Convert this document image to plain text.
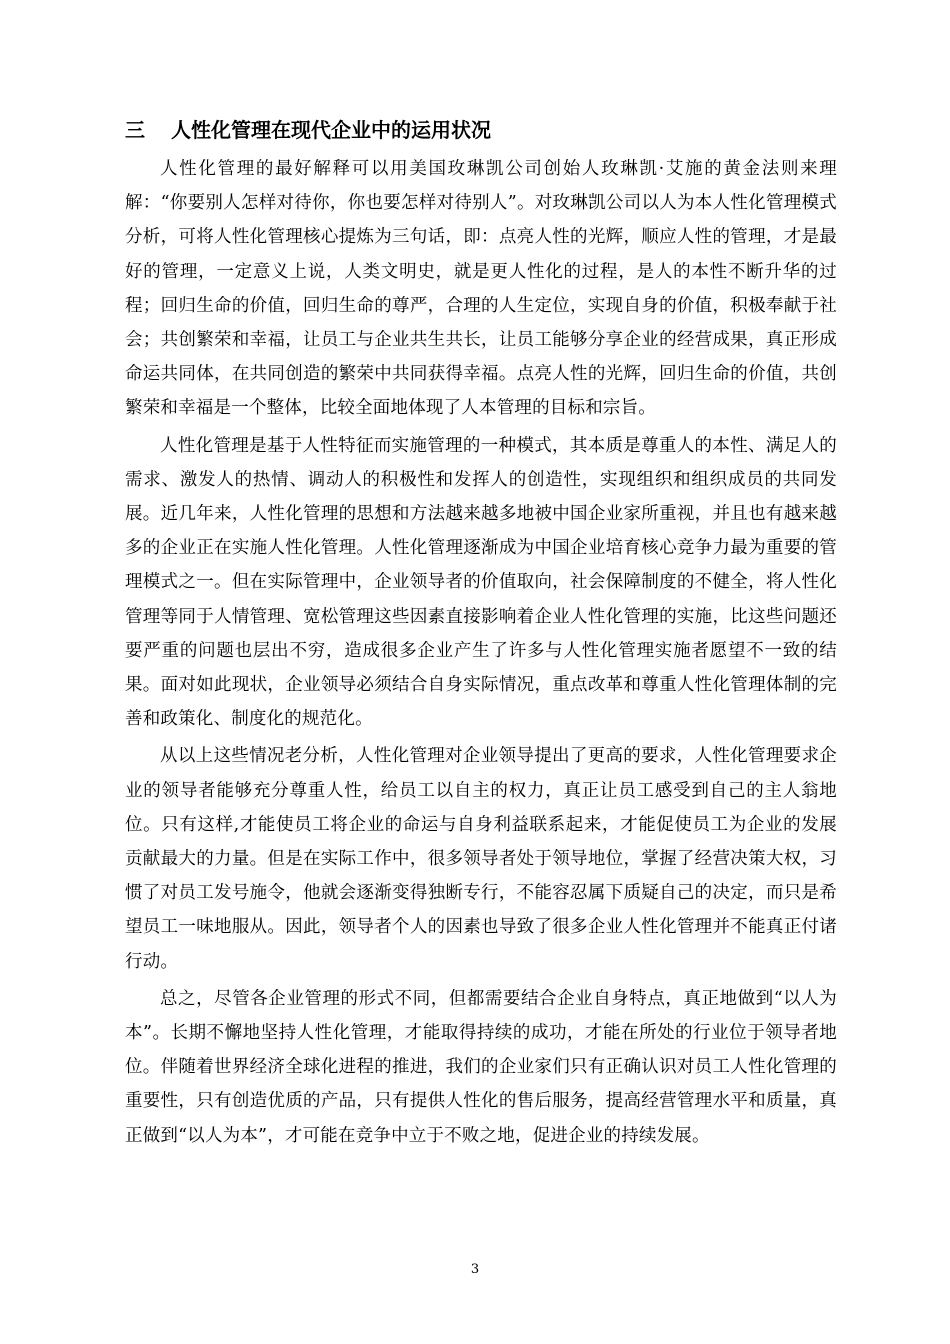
三 人性化管理在现代企业中的运用状况

人性化管理的最好解释可以用美国玫琳凯公司创始人玫琳凯·艾施的黄金法则来理解：“你要别人怎样对待你，你也要怎样对待别人”。对玫琳凯公司以人为本人性化管理模式分析，可将人性化管理核心提炼为三句话，即：点亮人性的光辉，顺应人性的管理，才是最好的管理，一定意义上说，人类文明史，就是更人性化的过程，是人的本性不断升华的过程；回归生命的价值，回归生命的尊严，合理的人生定位，实现自身的价值，积极奉献于社会；共创繁荣和幸福，让员工与企业共生共长，让员工能够分享企业的经营成果，真正形成命运共同体，在共同创造的繁荣中共同获得幸福。点亮人性的光辉，回归生命的价值，共创繁荣和幸福是一个整体，比较全面地体现了人本管理的目标和宗旨。

人性化管理是基于人性特征而实施管理的一种模式，其本质是尊重人的本性、满足人的需求、激发人的热情、调动人的积极性和发挥人的创造性，实现组织和组织成员的共同发展。近几年来，人性化管理的思想和方法越来越多地被中国企业家所重视，并且也有越来越多的企业正在实施人性化管理。人性化管理逐渐成为中国企业培育核心竞争力最为重要的管理模式之一。但在实际管理中，企业领导者的价值取向，社会保障制度的不健全，将人性化管理等同于人情管理、宽松管理这些因素直接影响着企业人性化管理的实施，比这些问题还要严重的问题也层出不穷，造成很多企业产生了许多与人性化管理实施者愿望不一致的结果。面对如此现状，企业领导必须结合自身实际情况，重点改革和尊重人性化管理体制的完善和政策化、制度化的规范化。

从以上这些情况老分析，人性化管理对企业领导提出了更高的要求，人性化管理要求企业的领导者能够充分尊重人性，给员工以自主的权力，真正让员工感受到自己的主人翁地位。只有这样,才能使员工将企业的命运与自身利益联系起来，才能促使员工为企业的发展贡献最大的力量。但是在实际工作中，很多领导者处于领导地位，掌握了经营决策大权，习惯了对员工发号施令，他就会逐渐变得独断专行，不能容忍属下质疑自己的决定，而只是希望员工一味地服从。因此，领导者个人的因素也导致了很多企业人性化管理并不能真正付诸行动。

总之，尽管各企业管理的形式不同，但都需要结合企业自身特点，真正地做到“以人为本”。长期不懈地坚持人性化管理，才能取得持续的成功，才能在所处的行业位于领导者地位。伴随着世界经济全球化进程的推进，我们的企业家们只有正确认识对员工人性化管理的重要性，只有创造优质的产品，只有提供人性化的售后服务，提高经营管理水平和质量，真正做到“以人为本”，才可能在竞争中立于不败之地，促进企业的持续发展。

3
